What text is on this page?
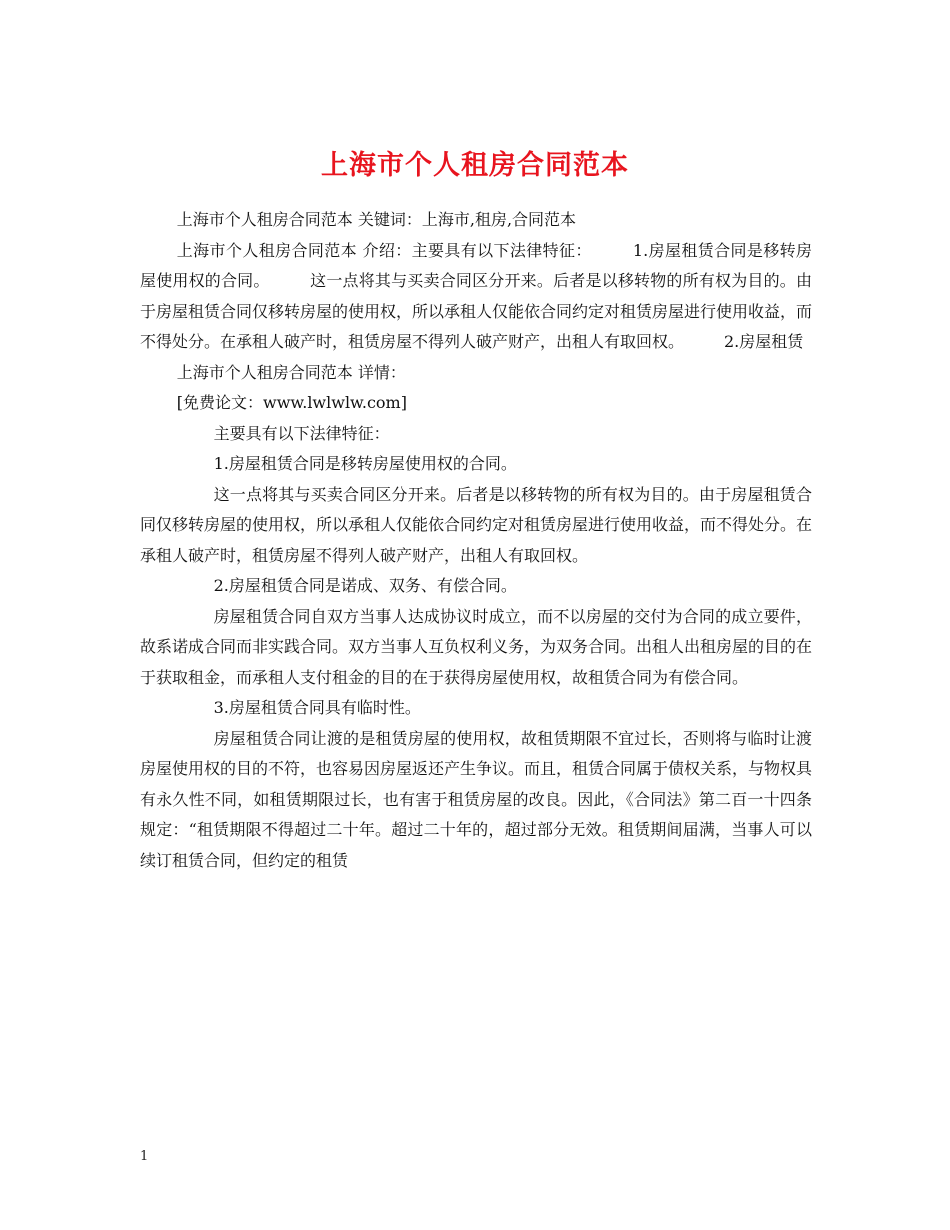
上海市个人租房合同范本

上海市个人租房合同范本 关键词：上海市,租房,合同范本

上海市个人租房合同范本 介绍：主要具有以下法律特征：　　　1.房屋租赁合同是移转房屋使用权的合同。　　　这一点将其与买卖合同区分开来。后者是以移转物的所有权为目的。由于房屋租赁合同仅移转房屋的使用权，所以承租人仅能依合同约定对租赁房屋进行使用收益，而不得处分。在承租人破产时，租赁房屋不得列人破产财产，出租人有取回权。　　　2.房屋租赁

上海市个人租房合同范本 详情：

[免费论文：www.lwlwlw.com]

主要具有以下法律特征：

1.房屋租赁合同是移转房屋使用权的合同。

这一点将其与买卖合同区分开来。后者是以移转物的所有权为目的。由于房屋租赁合同仅移转房屋的使用权，所以承租人仅能依合同约定对租赁房屋进行使用收益，而不得处分。在承租人破产时，租赁房屋不得列人破产财产，出租人有取回权。

2.房屋租赁合同是诺成、双务、有偿合同。

房屋租赁合同自双方当事人达成协议时成立，而不以房屋的交付为合同的成立要件，故系诺成合同而非实践合同。双方当事人互负权利义务，为双务合同。出租人出租房屋的目的在于获取租金，而承租人支付租金的目的在于获得房屋使用权，故租赁合同为有偿合同。

3.房屋租赁合同具有临时性。

房屋租赁合同让渡的是租赁房屋的使用权，故租赁期限不宜过长，否则将与临时让渡房屋使用权的目的不符，也容易因房屋返还产生争议。而且，租赁合同属于债权关系，与物权具有永久性不同，如租赁期限过长，也有害于租赁房屋的改良。因此，《合同法》第二百一十四条规定：“租赁期限不得超过二十年。超过二十年的，超过部分无效。租赁期间届满，当事人可以续订租赁合同，但约定的租赁

1
